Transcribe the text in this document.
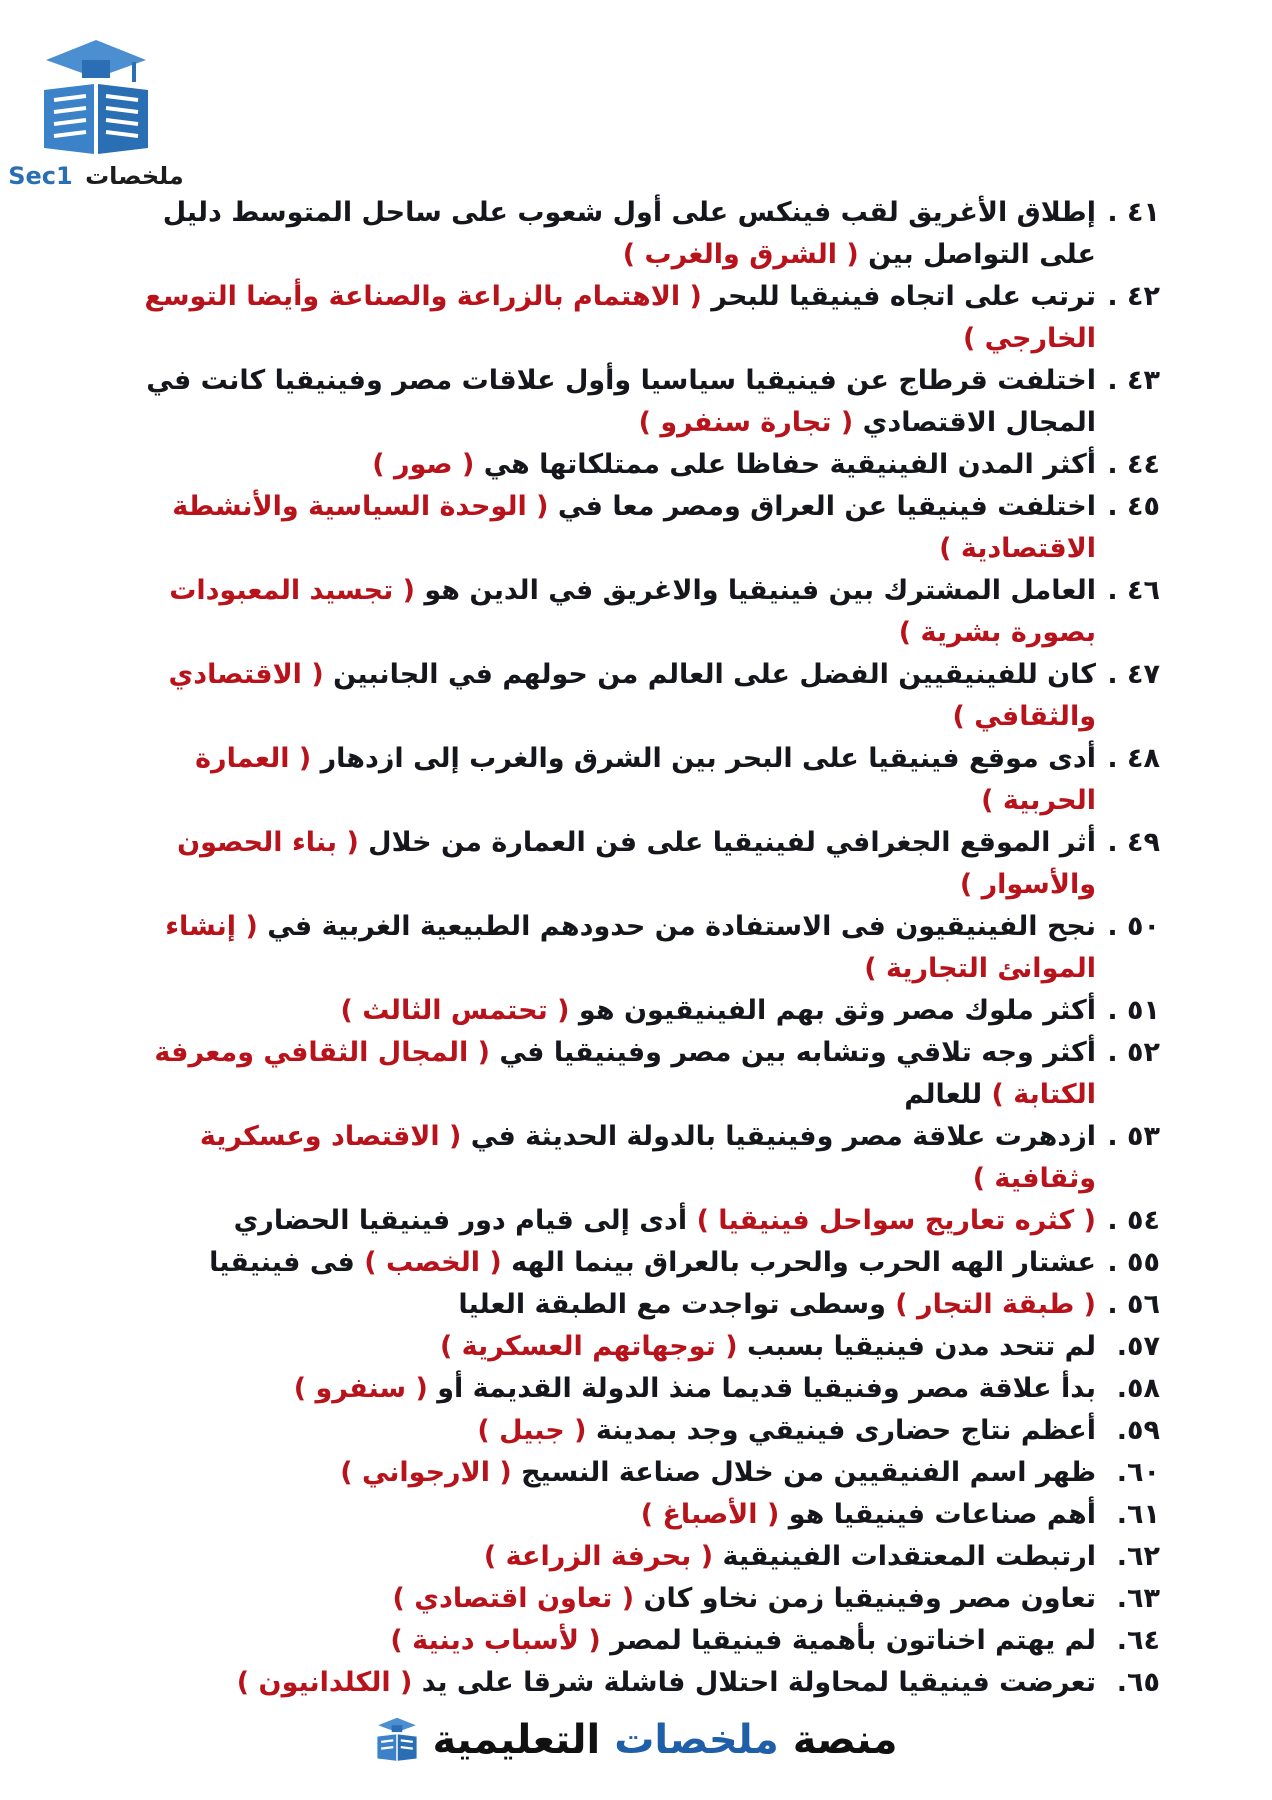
Sec1 ملخصات
٤١ .
إطلاق الأغريق لقب فينكس على أول شعوب على ساحل المتوسط دليل على التواصل بين ( الشرق والغرب )
٤٢ .
ترتب على اتجاه فينيقيا للبحر ( الاهتمام بالزراعة والصناعة وأيضا التوسع الخارجي )
٤٣ .
اختلفت قرطاج عن فينيقيا سياسيا وأول علاقات مصر وفينيقيا كانت في المجال الاقتصادي ( تجارة سنفرو )
٤٤ .
أكثر المدن الفينيقية حفاظا على ممتلكاتها هي ( صور )
٤٥ .
اختلفت فينيقيا عن العراق ومصر معا في ( الوحدة السياسية والأنشطة الاقتصادية )
٤٦ .
العامل المشترك بين فينيقيا والاغريق في الدين هو ( تجسيد المعبودات بصورة بشرية )
٤٧ .
كان للفينيقيين الفضل على العالم من حولهم في الجانبين ( الاقتصادي والثقافي )
٤٨ .
أدى موقع فينيقيا على البحر بين الشرق والغرب إلى ازدهار ( العمارة الحربية )
٤٩ .
أثر الموقع الجغرافي لفينيقيا على فن العمارة من خلال ( بناء الحصون والأسوار )
٥٠ .
نجح الفينيقيون فى الاستفادة من حدودهم الطبيعية الغربية في ( إنشاء الموانئ التجارية )
٥١ .
أكثر ملوك مصر وثق بهم الفينيقيون هو ( تحتمس الثالث )
٥٢ .
أكثر وجه تلاقي وتشابه بين مصر وفينيقيا في ( المجال الثقافي ومعرفة الكتابة ) للعالم
٥٣ .
ازدهرت علاقة مصر وفينيقيا بالدولة الحديثة في ( الاقتصاد وعسكرية وثقافية )
٥٤ .
( كثره تعاريج سواحل فينيقيا ) أدى إلى قيام دور فينيقيا الحضاري
٥٥ .
عشتار الهه الحرب والحرب بالعراق بينما الهه ( الخصب ) فى فينيقيا
٥٦ .
( طبقة التجار ) وسطى تواجدت مع الطبقة العليا
٥٧.
لم تتحد مدن فينيقيا بسبب ( توجهاتهم العسكرية )
٥٨.
بدأ علاقة مصر وفنيقيا قديما منذ الدولة القديمة أو ( سنفرو )
٥٩.
أعظم نتاج حضارى فينيقي وجد بمدينة ( جبيل )
٦٠.
ظهر اسم الفنيقيين من خلال صناعة النسيج ( الارجواني )
٦١.
أهم صناعات فينيقيا هو ( الأصباغ )
٦٢.
ارتبطت المعتقدات الفينيقية ( بحرفة الزراعة )
٦٣.
تعاون مصر وفينيقيا زمن نخاو كان ( تعاون اقتصادي )
٦٤.
لم يهتم اخناتون بأهمية فينيقيا لمصر ( لأسباب دينية )
٦٥.
تعرضت فينيقيا لمحاولة احتلال فاشلة شرقا على يد ( الكلدانيون )
منصة ملخصات التعليمية
